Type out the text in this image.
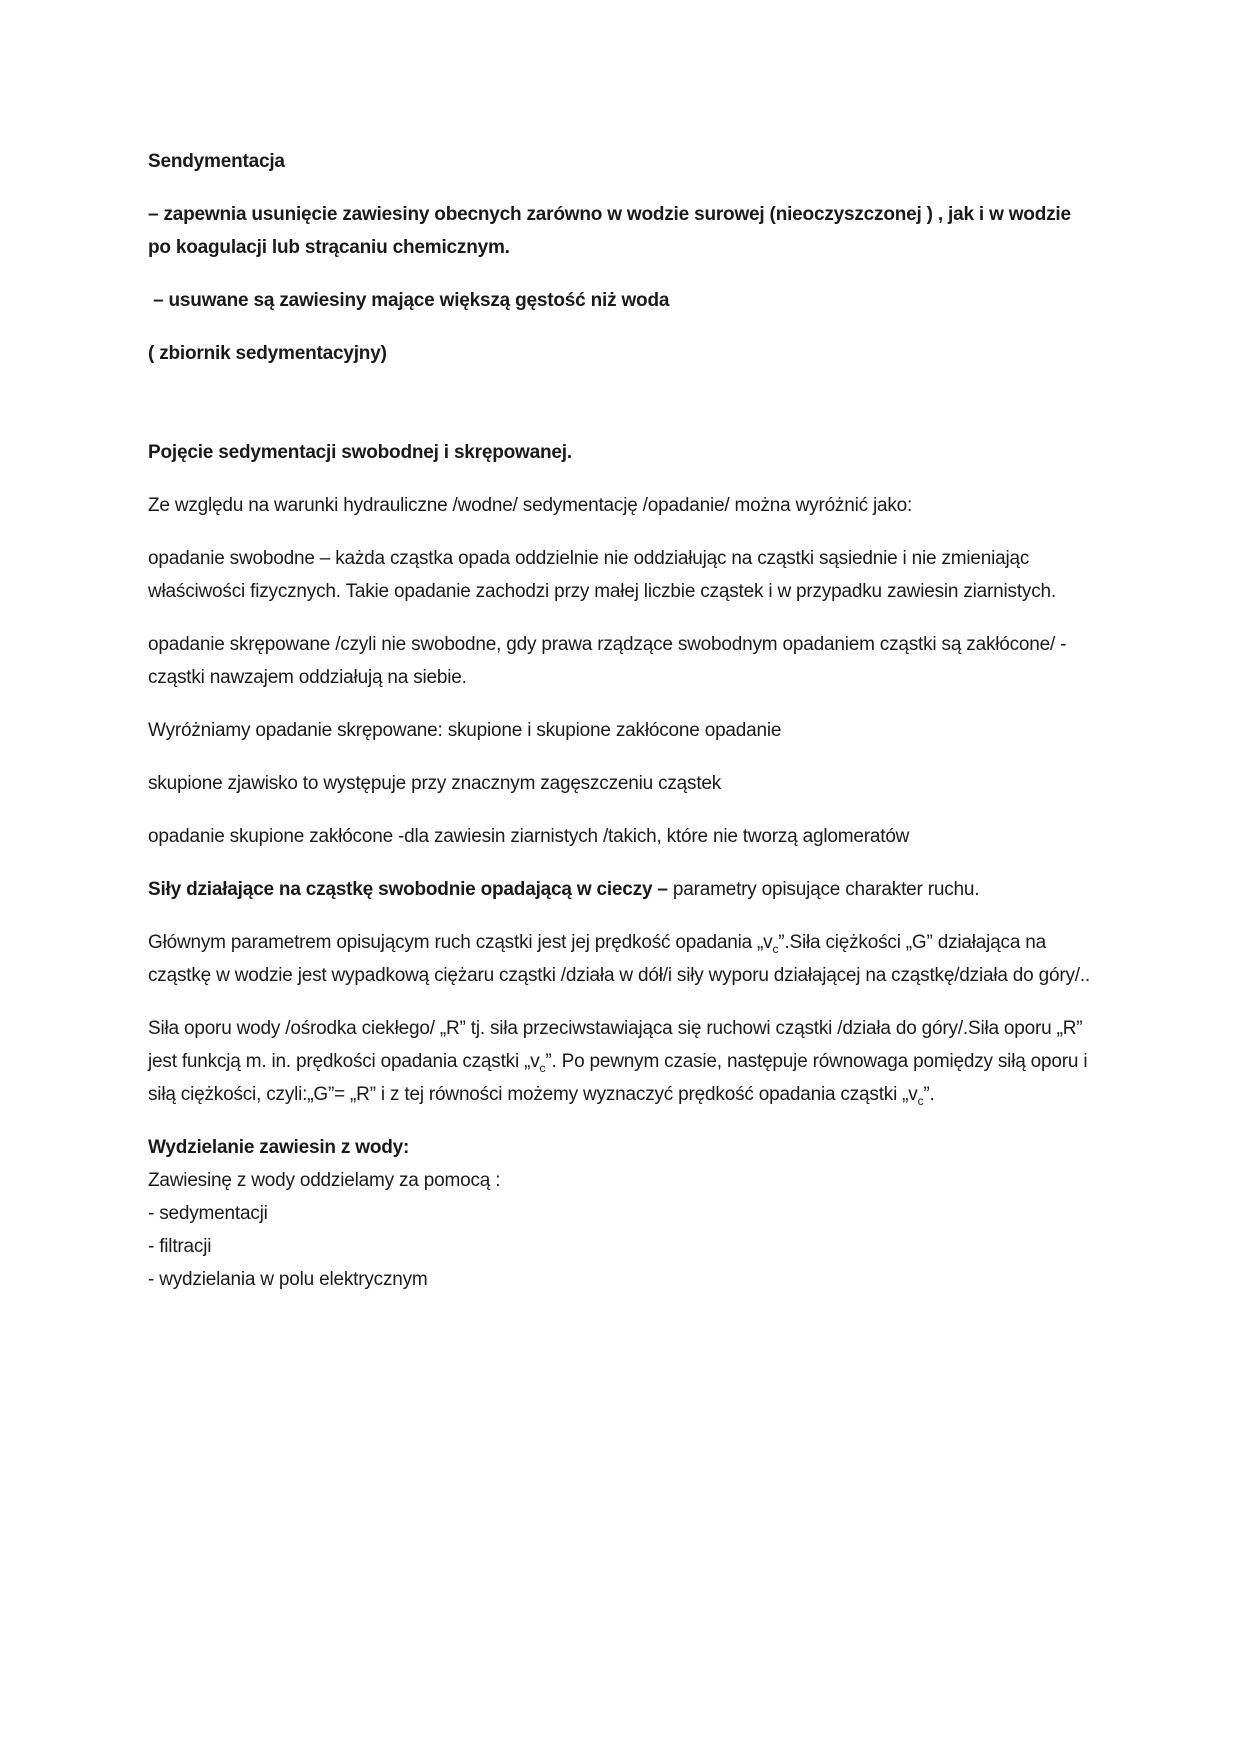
Sendymentacja

– zapewnia usunięcie zawiesiny obecnych zarówno w wodzie surowej (nieoczyszczonej ) , jak i w wodzie po koagulacji lub strącaniu chemicznym.

– usuwane są zawiesiny mające większą gęstość niż woda

( zbiornik sedymentacyjny)

Pojęcie sedymentacji swobodnej i skrępowanej.

Ze względu na warunki hydrauliczne /wodne/ sedymentację /opadanie/ można wyróżnić jako:

opadanie swobodne – każda cząstka opada oddzielnie nie oddziałując na cząstki sąsiednie i nie zmieniając właściwości fizycznych. Takie opadanie zachodzi przy małej liczbie cząstek i w przypadku zawiesin ziarnistych.

opadanie skrępowane /czyli nie swobodne, gdy prawa rządzące swobodnym opadaniem cząstki są zakłócone/ - cząstki nawzajem oddziałują na siebie.

Wyróżniamy opadanie skrępowane: skupione i skupione zakłócone opadanie

skupione zjawisko to występuje przy znacznym zagęszczeniu cząstek

opadanie skupione zakłócone -dla zawiesin ziarnistych /takich, które nie tworzą aglomeratów

Siły działające na cząstkę swobodnie opadającą w cieczy – parametry opisujące charakter ruchu.

Głównym parametrem opisującym ruch cząstki jest jej prędkość opadania $„v_c”.Siła$ ciężkości „G” działająca na cząstkę w wodzie jest wypadkową ciężaru cząstki /działa w dół/i siły wyporu działającej na cząstkę/działa do góry/..

Siła oporu wody /ośrodka ciekłego/ „R” tj. siła przeciwstawiająca się ruchowi cząstki /działa do góry/.Siła oporu „R” jest funkcją m. in. prędkości opadania cząstki $„v_c$”. Po pewnym czasie, następuje równowaga pomiędzy siłą oporu i siłą ciężkości, czyli:„G”= „R” i z tej równości możemy wyznaczyć prędkość opadania cząstki $„v_c$”.

Wydzielanie zawiesin z wody:

Zawiesinę z wody oddzielamy za pomocą :

- sedymentacji

- filtracji

- wydzielania w polu elektrycznym
